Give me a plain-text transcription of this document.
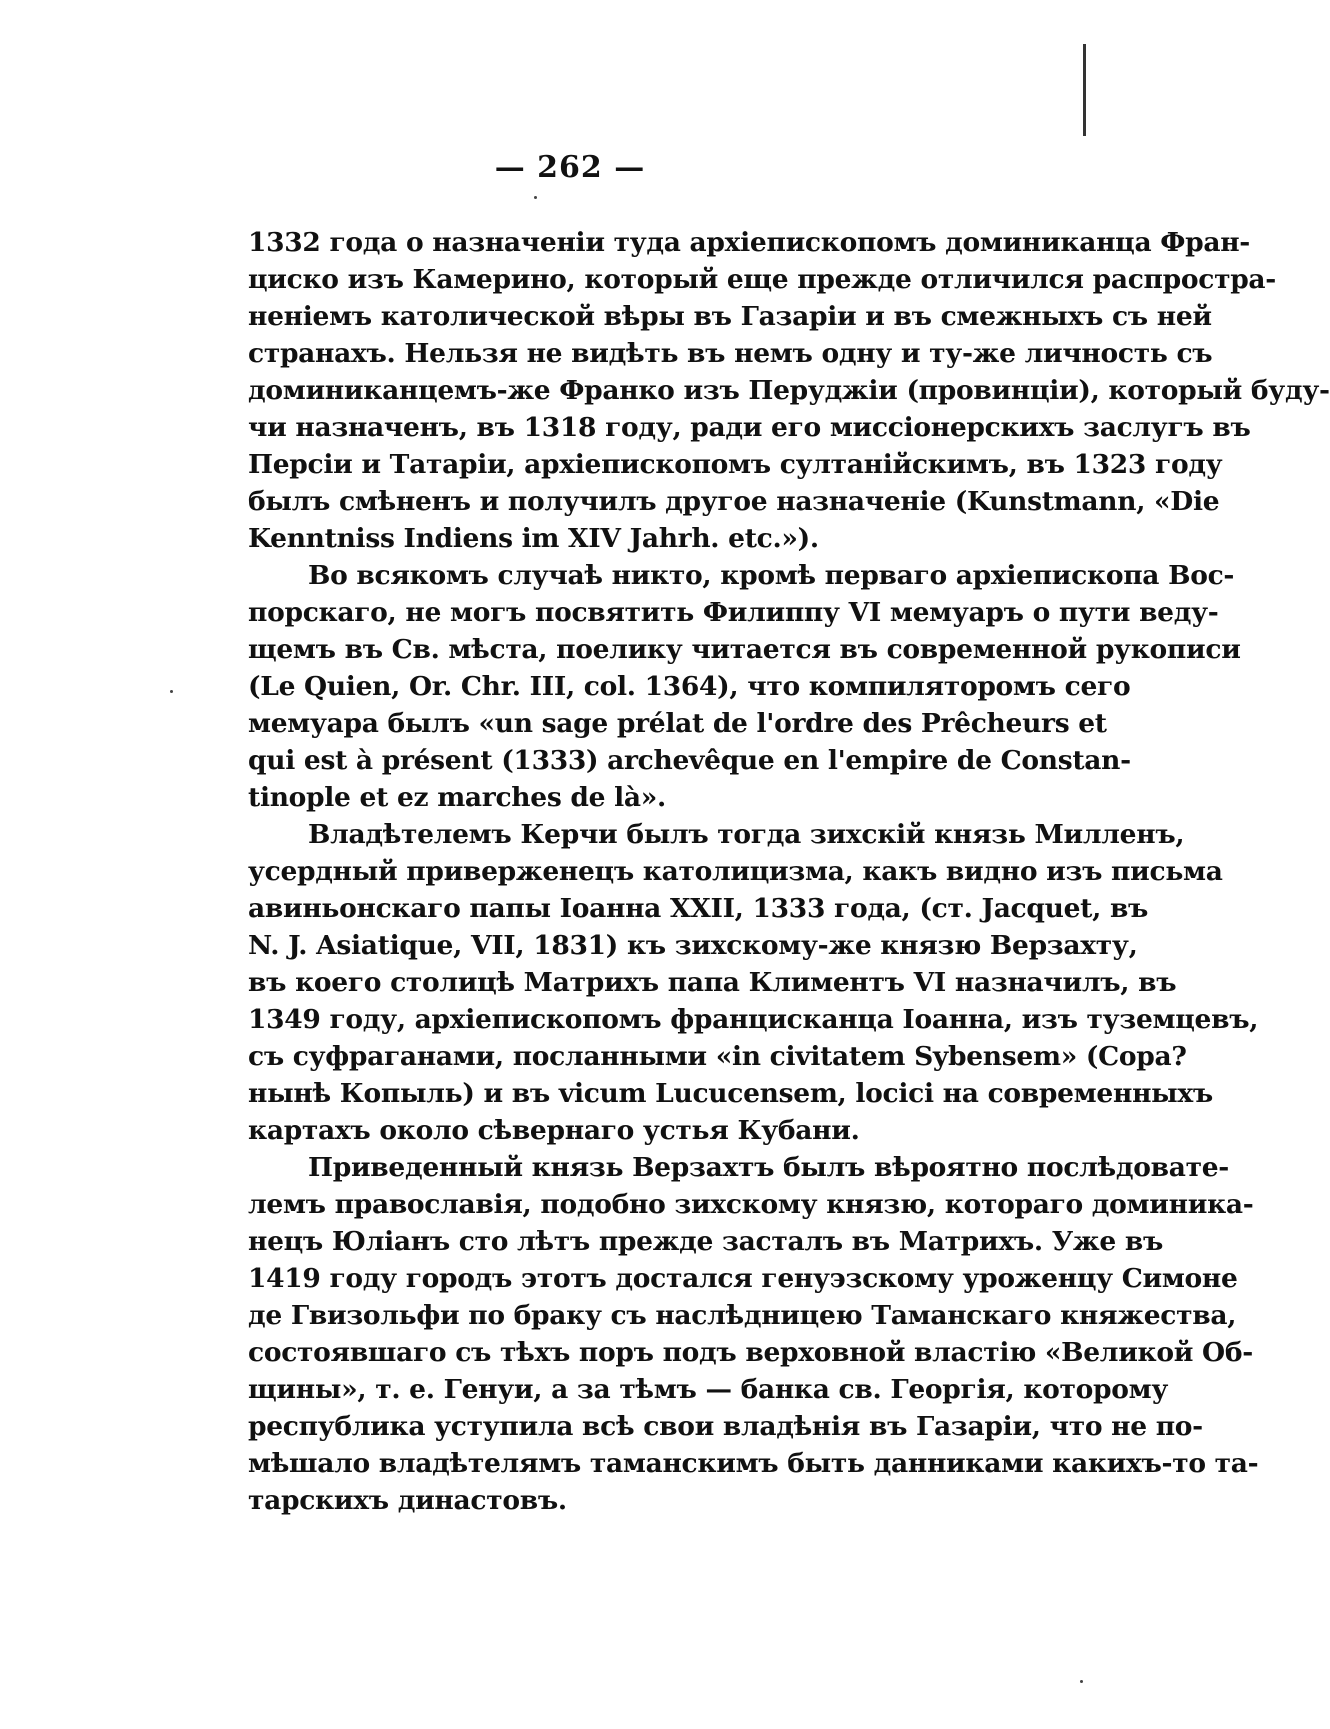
— 262 —

1332 года о назначеніи туда архіепископомъ доминиканца Фран-

циско изъ Камерино, который еще прежде отличился распростра-

неніемъ католической вѣры въ Газаріи и въ смежныхъ съ ней

странахъ. Нельзя не видѣть въ немъ одну и ту-же личность съ

доминиканцемъ-же Франко изъ Перуджіи (провинціи), который буду-

чи назначенъ, въ 1318 году, ради его миссіонерскихъ заслугъ въ

Персіи и Татаріи, архіепископомъ султанійскимъ, въ 1323 году

былъ смѣненъ и получилъ другое назначеніе (Kunstmann, «Die

Kenntniss Indiens im XIV Jahrh. etc.»).

Во всякомъ случаѣ никто, кромѣ перваго архіепископа Вос-

порскаго, не могъ посвятить Филиппу VI мемуаръ о пути веду-

щемъ въ Св. мѣста, поелику читается въ современной рукописи

(Le Quien, Or. Chr. III, col. 1364), что компиляторомъ сего

мемуара былъ «un sage prélat de l'ordre des Prêcheurs et

qui est à présent (1333) archevêque en l'empire de Constan-

tinople et ez marches de là».

Владѣтелемъ Керчи былъ тогда зихскій князь Милленъ,

усердный приверженецъ католицизма, какъ видно изъ письма

авиньонскаго папы Іоанна XXII, 1333 года, (ст. Jacquet, въ

N. J. Asiatique, VII, 1831) къ зихскому-же князю Верзахту,

въ коего столицѣ Матрихъ папа Климентъ VI назначилъ, въ

1349 году, архіепископомъ францисканца Іоанна, изъ туземцевъ,

съ суфраганами, посланными «in civitatem Sybensem» (Сора?

нынѣ Копыль) и въ vicum Lucucensem, loсісі на современныхъ

картахъ около сѣвернаго устья Кубани.

Приведенный князь Верзахтъ былъ вѣроятно послѣдовате-

лемъ православія, подобно зихскому князю, котораго доминика-

нецъ Юліанъ сто лѣтъ прежде засталъ въ Матрихъ. Уже въ

1419 году городъ этотъ достался генуэзскому уроженцу Симоне

де Гвизольфи по браку съ наслѣдницею Таманскаго княжества,

состоявшаго съ тѣхъ поръ подъ верховной властію «Великой Об-

щины», т. е. Генуи, а за тѣмъ — банка св. Георгія, которому

республика уступила всѣ свои владѣнія въ Газаріи, что не по-

мѣшало владѣтелямъ таманскимъ быть данниками какихъ-то та-

тарскихъ династовъ.
